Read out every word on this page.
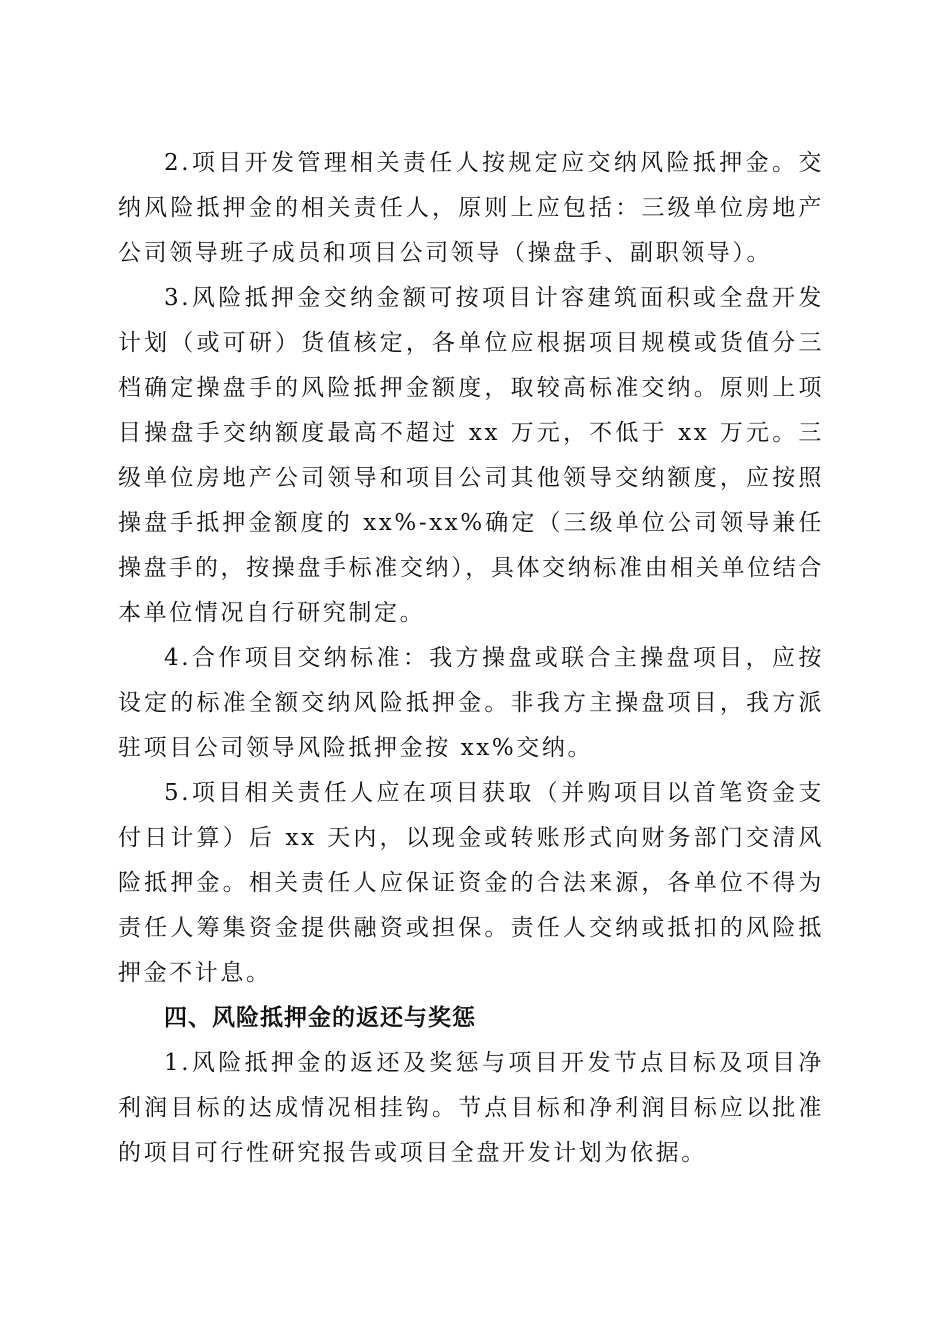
2.项目开发管理相关责任人按规定应交纳风险抵押金。交纳风险抵押金的相关责任人，原则上应包括：三级单位房地产公司领导班子成员和项目公司领导（操盘手、副职领导）。

3.风险抵押金交纳金额可按项目计容建筑面积或全盘开发计划（或可研）货值核定，各单位应根据项目规模或货值分三档确定操盘手的风险抵押金额度，取较高标准交纳。原则上项目操盘手交纳额度最高不超过 xx 万元，不低于 xx 万元。三级单位房地产公司领导和项目公司其他领导交纳额度，应按照操盘手抵押金额度的 xx%-xx%确定（三级单位公司领导兼任操盘手的，按操盘手标准交纳），具体交纳标准由相关单位结合本单位情况自行研究制定。

4.合作项目交纳标准：我方操盘或联合主操盘项目，应按设定的标准全额交纳风险抵押金。非我方主操盘项目，我方派驻项目公司领导风险抵押金按 xx%交纳。

5.项目相关责任人应在项目获取（并购项目以首笔资金支付日计算）后 xx 天内，以现金或转账形式向财务部门交清风险抵押金。相关责任人应保证资金的合法来源，各单位不得为责任人筹集资金提供融资或担保。责任人交纳或抵扣的风险抵押金不计息。

四、风险抵押金的返还与奖惩

1.风险抵押金的返还及奖惩与项目开发节点目标及项目净利润目标的达成情况相挂钩。节点目标和净利润目标应以批准的项目可行性研究报告或项目全盘开发计划为依据。
